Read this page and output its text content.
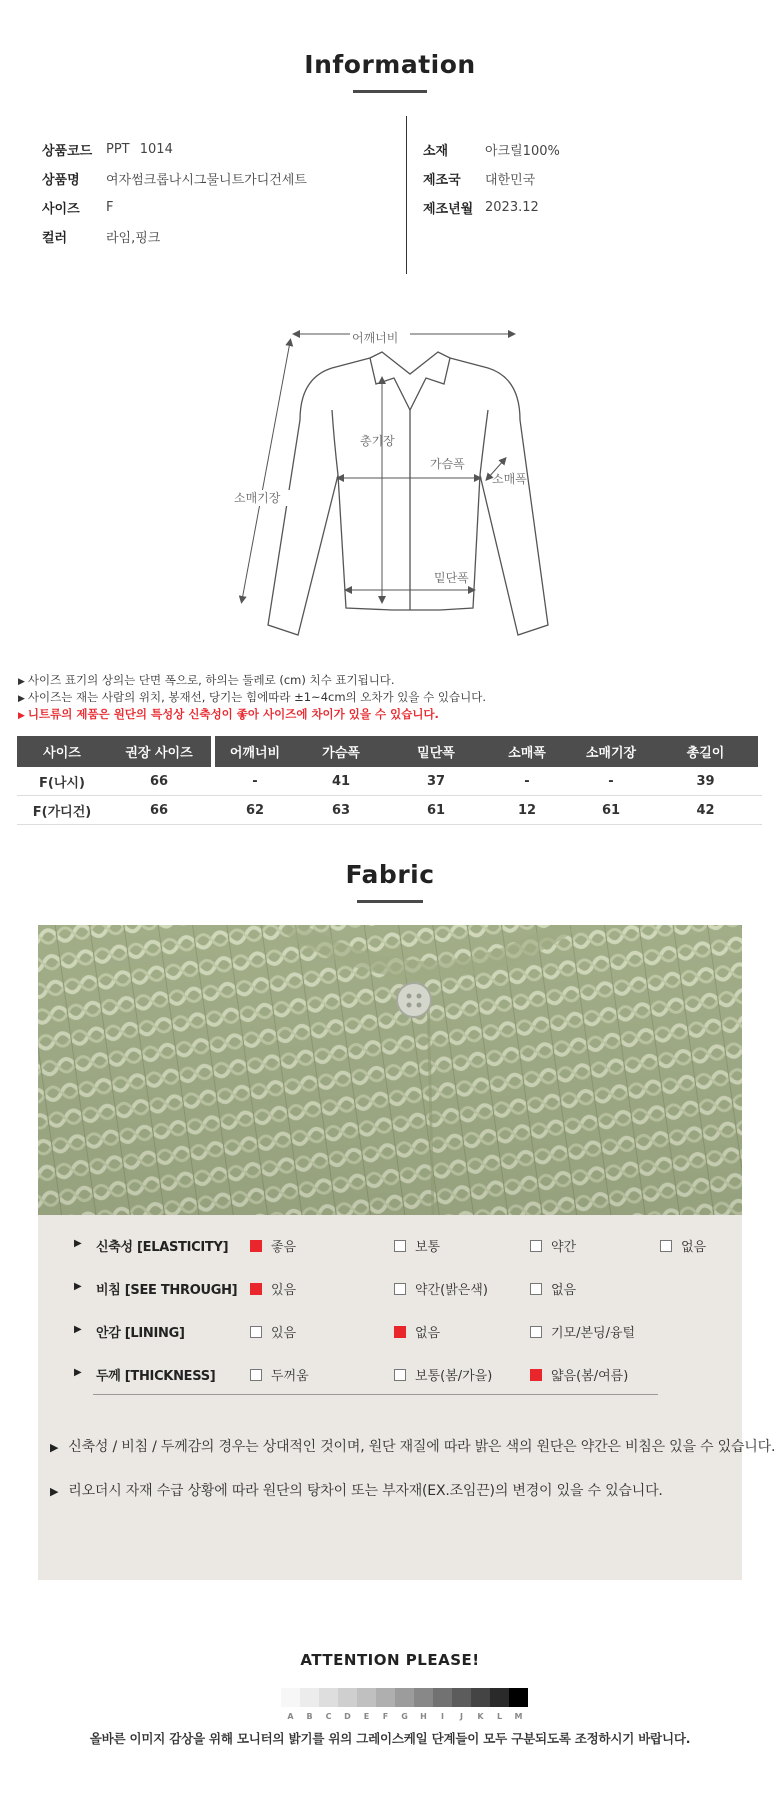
Information
상품코드	PPT 1014
상품명	여자썸크롭나시그물니트가디건세트
사이즈	F
컬러	라임,핑크
소재	아크릴100%
제조국	대한민국
제조년월 2023.12
어깨너비
총기장
가슴폭
소매폭
소매기장
밑단폭
▶ 사이즈 표기의 상의는 단면 폭으로, 하의는 둘레로 (cm) 치수 표기됩니다.
▶ 사이즈는 재는 사람의 위치, 봉재선, 당기는 힘에따라 ±1~4cm의 오차가 있을 수 있습니다.
▶ 니트류의 제품은 원단의 특성상 신축성이 좋아 사이즈에 차이가 있을 수 있습니다.
사이즈	권장 사이즈	어깨너비	가슴폭	밑단폭	소매폭	소매기장	총길이
F(나시)	66	-	41	37	-	-	39
F(가디건)	66	62	63	61	12	61	42
Fabric
▶ 신축성 [ELASTICITY]	좋음	보통	약간	없음
▶ 비침 [SEE THROUGH]	있음	약간(밝은색)	없음
▶ 안감 [LINING]	있음	없음	기모/본딩/융털
▶ 두께 [THICKNESS]	두꺼움	보통(봄/가을)	얇음(봄/여름)
▶ 신축성 / 비침 / 두께감의 경우는 상대적인 것이며, 원단 재질에 따라 밝은 색의 원단은 약간은 비침은 있을 수 있습니다.
▶ 리오더시 자재 수급 상황에 따라 원단의 탕차이 또는 부자재(EX.조임끈)의 변경이 있을 수 있습니다.
ATTENTION PLEASE!
A	B	C	D	E	F	G	H	I	J	K	L	M
올바른 이미지 감상을 위해 모니터의 밝기를 위의 그레이스케일 단계들이 모두 구분되도록 조정하시기 바랍니다.
